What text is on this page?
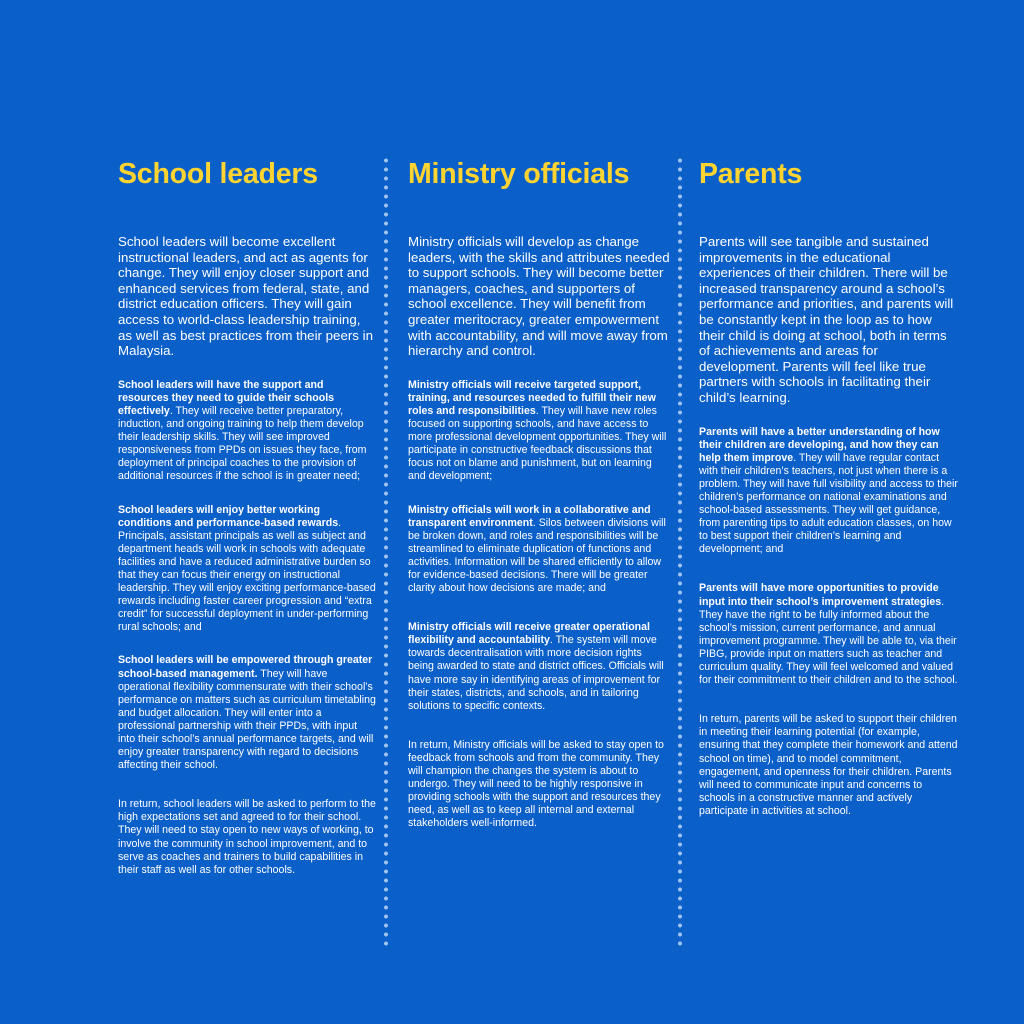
School leaders

School leaders will become excellent instructional leaders, and act as agents for change. They will enjoy closer support and enhanced services from federal, state, and district education officers. They will gain access to world-class leadership training, as well as best practices from their peers in Malaysia.

School leaders will have the support and resources they need to guide their schools effectively. They will receive better preparatory, induction, and ongoing training to help them develop their leadership skills. They will see improved responsiveness from PPDs on issues they face, from deployment of principal coaches to the provision of additional resources if the school is in greater need;

School leaders will enjoy better working conditions and performance-based rewards. Principals, assistant principals as well as subject and department heads will work in schools with adequate facilities and have a reduced administrative burden so that they can focus their energy on instructional leadership. They will enjoy exciting performance-based rewards including faster career progression and “extra credit” for successful deployment in under-performing rural schools; and

School leaders will be empowered through greater school-based management. They will have operational flexibility commensurate with their school’s performance on matters such as curriculum timetabling and budget allocation. They will enter into a professional partnership with their PPDs, with input into their school’s annual performance targets, and will enjoy greater transparency with regard to decisions affecting their school.

In return, school leaders will be asked to perform to the high expectations set and agreed to for their school. They will need to stay open to new ways of working, to involve the community in school improvement, and to serve as coaches and trainers to build capabilities in their staff as well as for other schools.

Ministry officials

Ministry officials will develop as change leaders, with the skills and attributes needed to support schools. They will become better managers, coaches, and supporters of school excellence. They will benefit from greater meritocracy, greater empowerment with accountability, and will move away from hierarchy and control.

Ministry officials will receive targeted support, training, and resources needed to fulfill their new roles and responsibilities. They will have new roles focused on supporting schools, and have access to more professional development opportunities. They will participate in constructive feedback discussions that focus not on blame and punishment, but on learning and development;

Ministry officials will work in a collaborative and transparent environment. Silos between divisions will be broken down, and roles and responsibilities will be streamlined to eliminate duplication of functions and activities. Information will be shared efficiently to allow for evidence-based decisions. There will be greater clarity about how decisions are made; and

Ministry officials will receive greater operational flexibility and accountability. The system will move towards decentralisation with more decision rights being awarded to state and district offices. Officials will have more say in identifying areas of improvement for their states, districts, and schools, and in tailoring solutions to specific contexts.

In return, Ministry officials will be asked to stay open to feedback from schools and from the community. They will champion the changes the system is about to undergo. They will need to be highly responsive in providing schools with the support and resources they need, as well as to keep all internal and external stakeholders well-informed.

Parents

Parents will see tangible and sustained improvements in the educational experiences of their children. There will be increased transparency around a school’s performance and priorities, and parents will be constantly kept in the loop as to how their child is doing at school, both in terms of achievements and areas for development. Parents will feel like true partners with schools in facilitating their child’s learning.

Parents will have a better understanding of how their children are developing, and how they can help them improve. They will have regular contact with their children’s teachers, not just when there is a problem. They will have full visibility and access to their children’s performance on national examinations and school-based assessments. They will get guidance, from parenting tips to adult education classes, on how to best support their children’s learning and development; and

Parents will have more opportunities to provide input into their school’s improvement strategies. They have the right to be fully informed about the school’s mission, current performance, and annual improvement programme. They will be able to, via their PIBG, provide input on matters such as teacher and curriculum quality. They will feel welcomed and valued for their commitment to their children and to the school.

In return, parents will be asked to support their children in meeting their learning potential (for example, ensuring that they complete their homework and attend school on time), and to model commitment, engagement, and openness for their children. Parents will need to communicate input and concerns to schools in a constructive manner and actively participate in activities at school.
